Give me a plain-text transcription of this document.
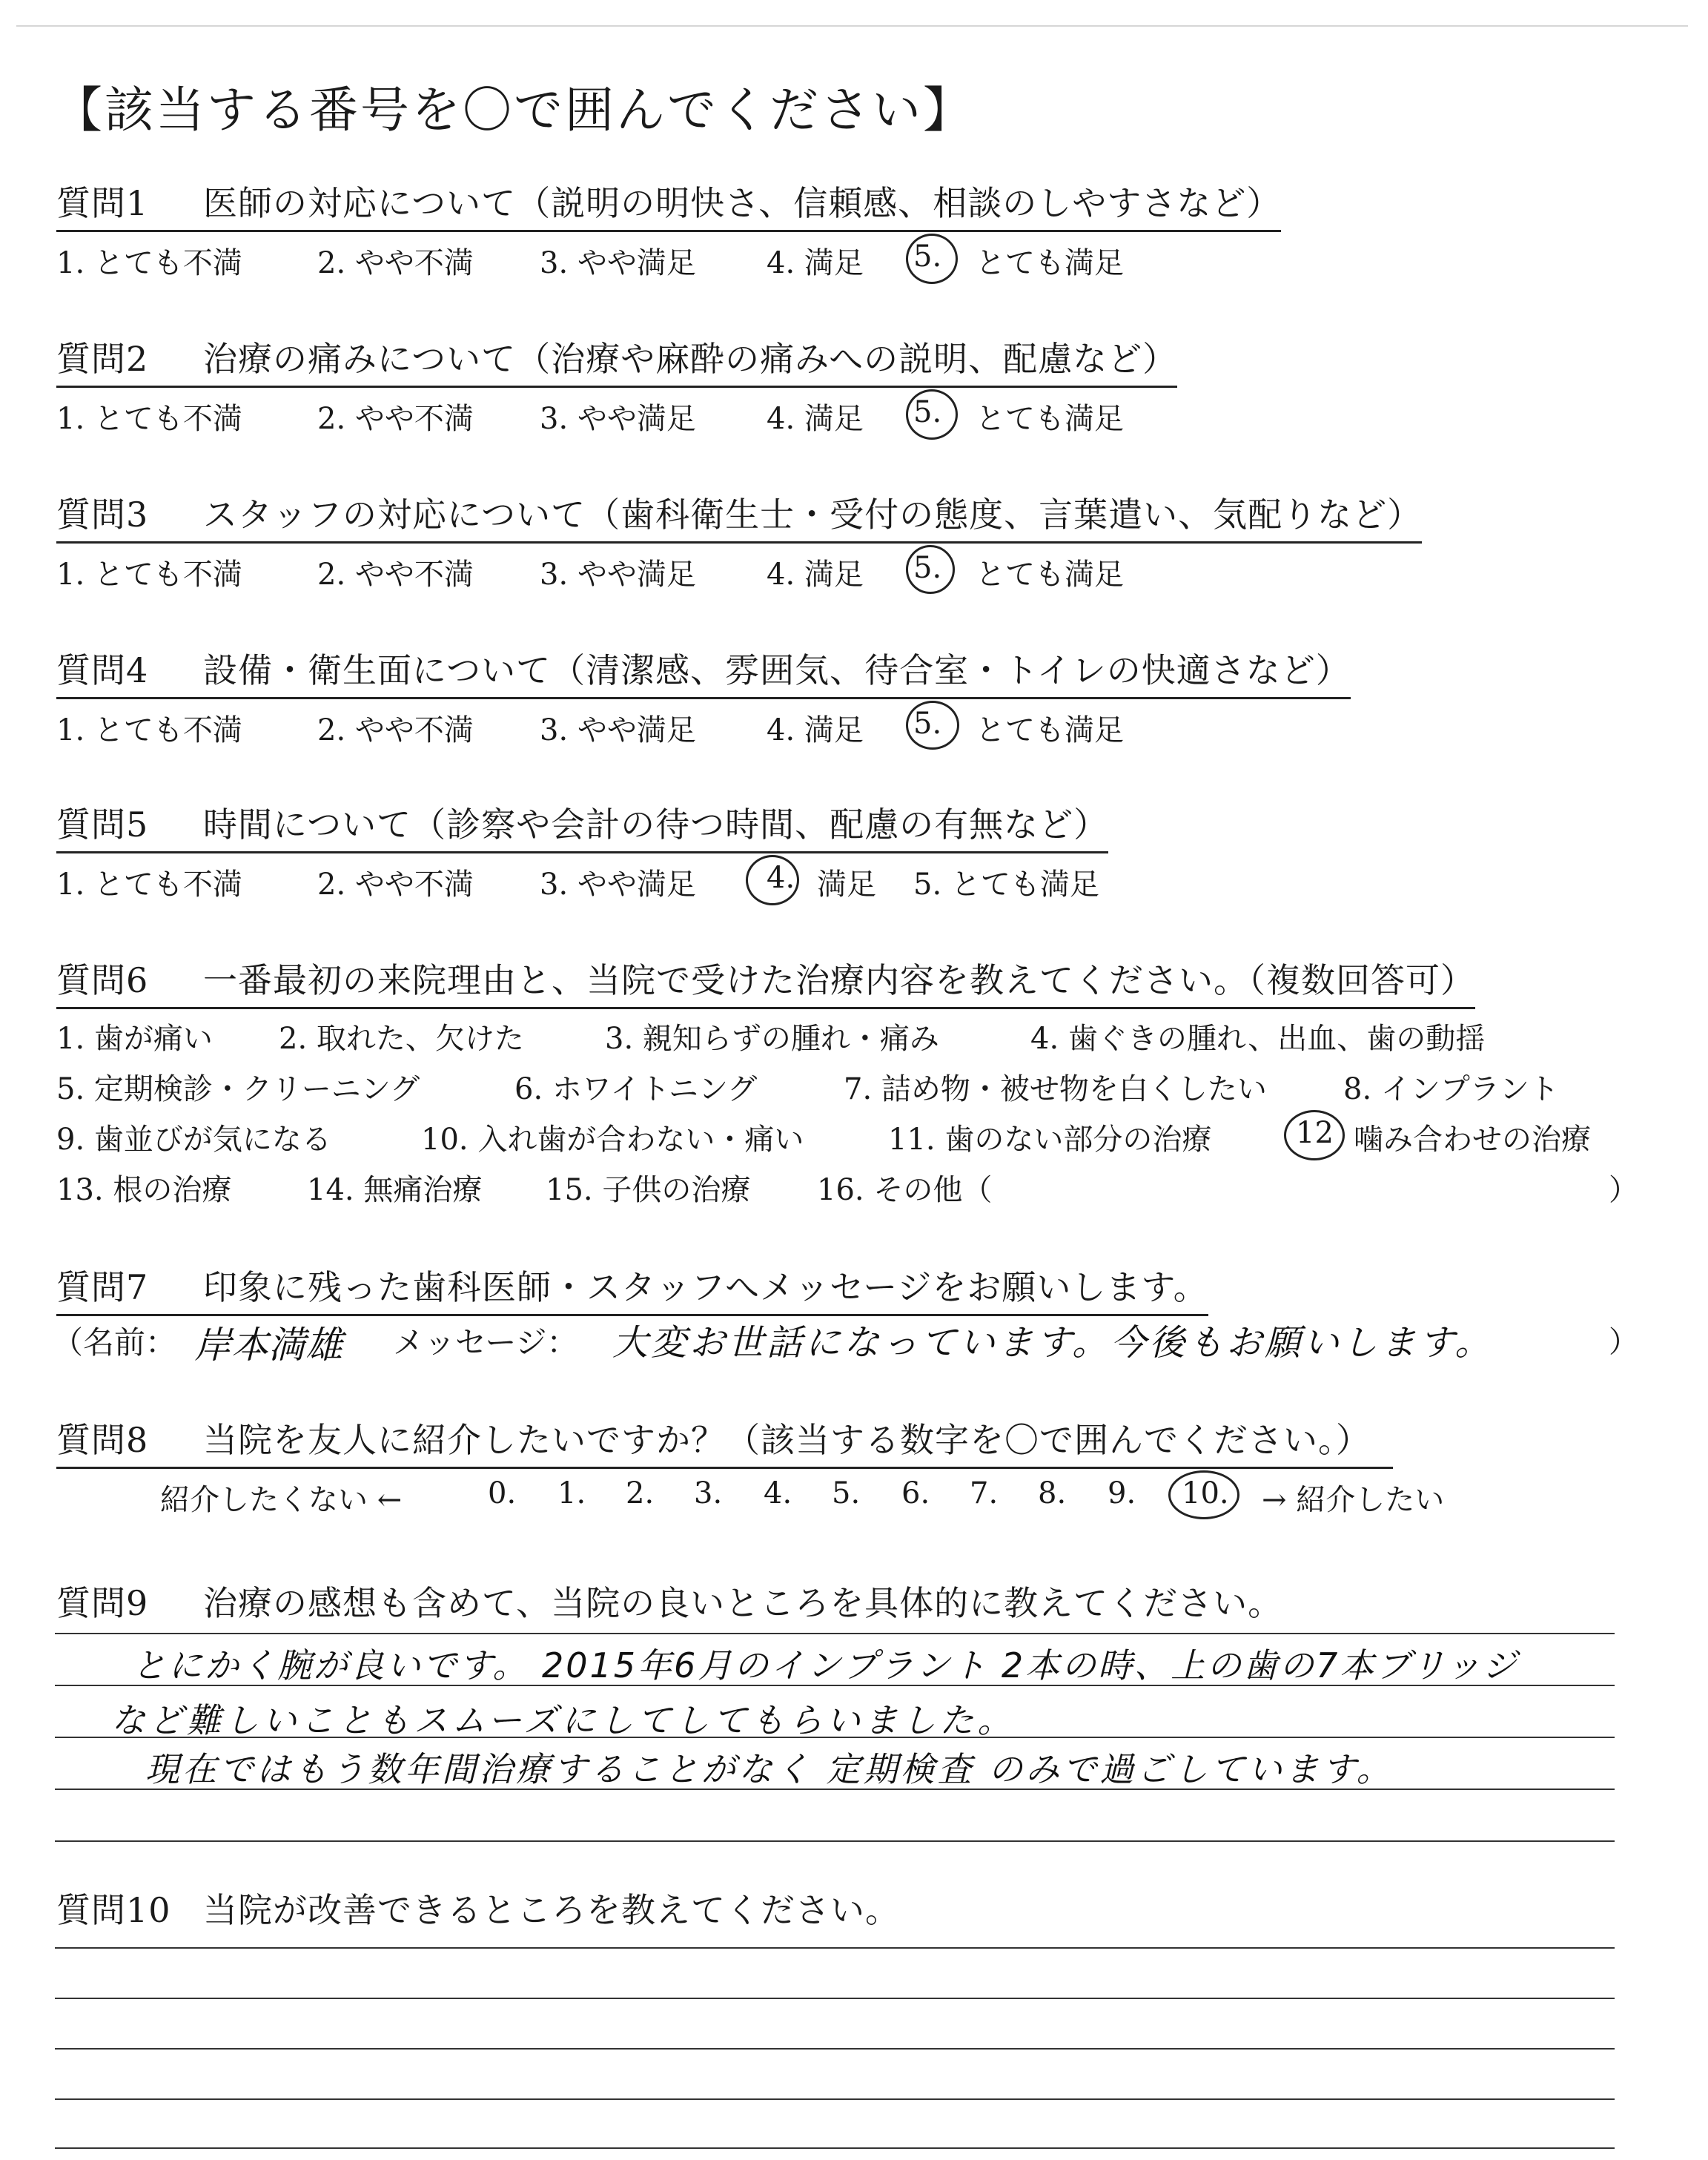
【該当する番号を〇で囲んでください】
質問1	医師の対応について（説明の明快さ、信頼感、相談のしやすさなど）
1. とても不満	2. やや不満 3. やや満足 4. 満足 5. とても満足
質問2	治療の痛みについて（治療や麻酔の痛みへの説明、配慮など）
1. とても不満	2. やや不満 3. やや満足 4. 満足 5. とても満足
質問3	スタッフの対応について（歯科衛生士・受付の態度、言葉遣い、気配りなど）
1. とても不満	2. やや不満 3. やや満足 4. 満足 5. とても満足
質問4	設備・衛生面について（清潔感、雰囲気、待合室・トイレの快適さなど）
1. とても不満	2. やや不満 3. やや満足 4. 満足 5. とても満足
質問5	時間について（診察や会計の待つ時間、配慮の有無など）
1. とても不満	2. やや不満 3. やや満足 4. 満足 5. とても満足
質問6	一番最初の来院理由と、当院で受けた治療内容を教えてください。（複数回答可）
1. 歯が痛い 2. 取れた、欠けた	3. 親知らずの腫れ・痛み	4. 歯ぐきの腫れ、出血、歯の動揺
5. 定期検診・クリーニング	6. ホワイトニング	7. 詰め物・被せ物を白くしたい	8. インプラント
9. 歯並びが気になる	10. 入れ歯が合わない・痛い	11. 歯のない部分の治療	12 噛み合わせの治療
13. 根の治療	14. 無痛治療 15. 子供の治療 16. その他（	）
質問7	印象に残った歯科医師・スタッフへメッセージをお願いします。
（名前： 岸本満雄 メッセージ： 大変お世話になっています。今後もお願いします。	）
質問8	当院を友人に紹介したいですか？（該当する数字を〇で囲んでください。）
紹介したくない ←	0. 1. 2. 3. 4. 5. 6. 7. 8. 9. 10. → 紹介したい
質問9	治療の感想も含めて、当院の良いところを具体的に教えてください。
とにかく腕が良いです。 2015年6月のインプラント 2本の時、上の歯の7本ブリッジ
など難しいこともスムーズにしてしてもらいました。
現在ではもう数年間治療することがなく 定期検査 のみで過ごしています。
質問10 当院が改善できるところを教えてください。
